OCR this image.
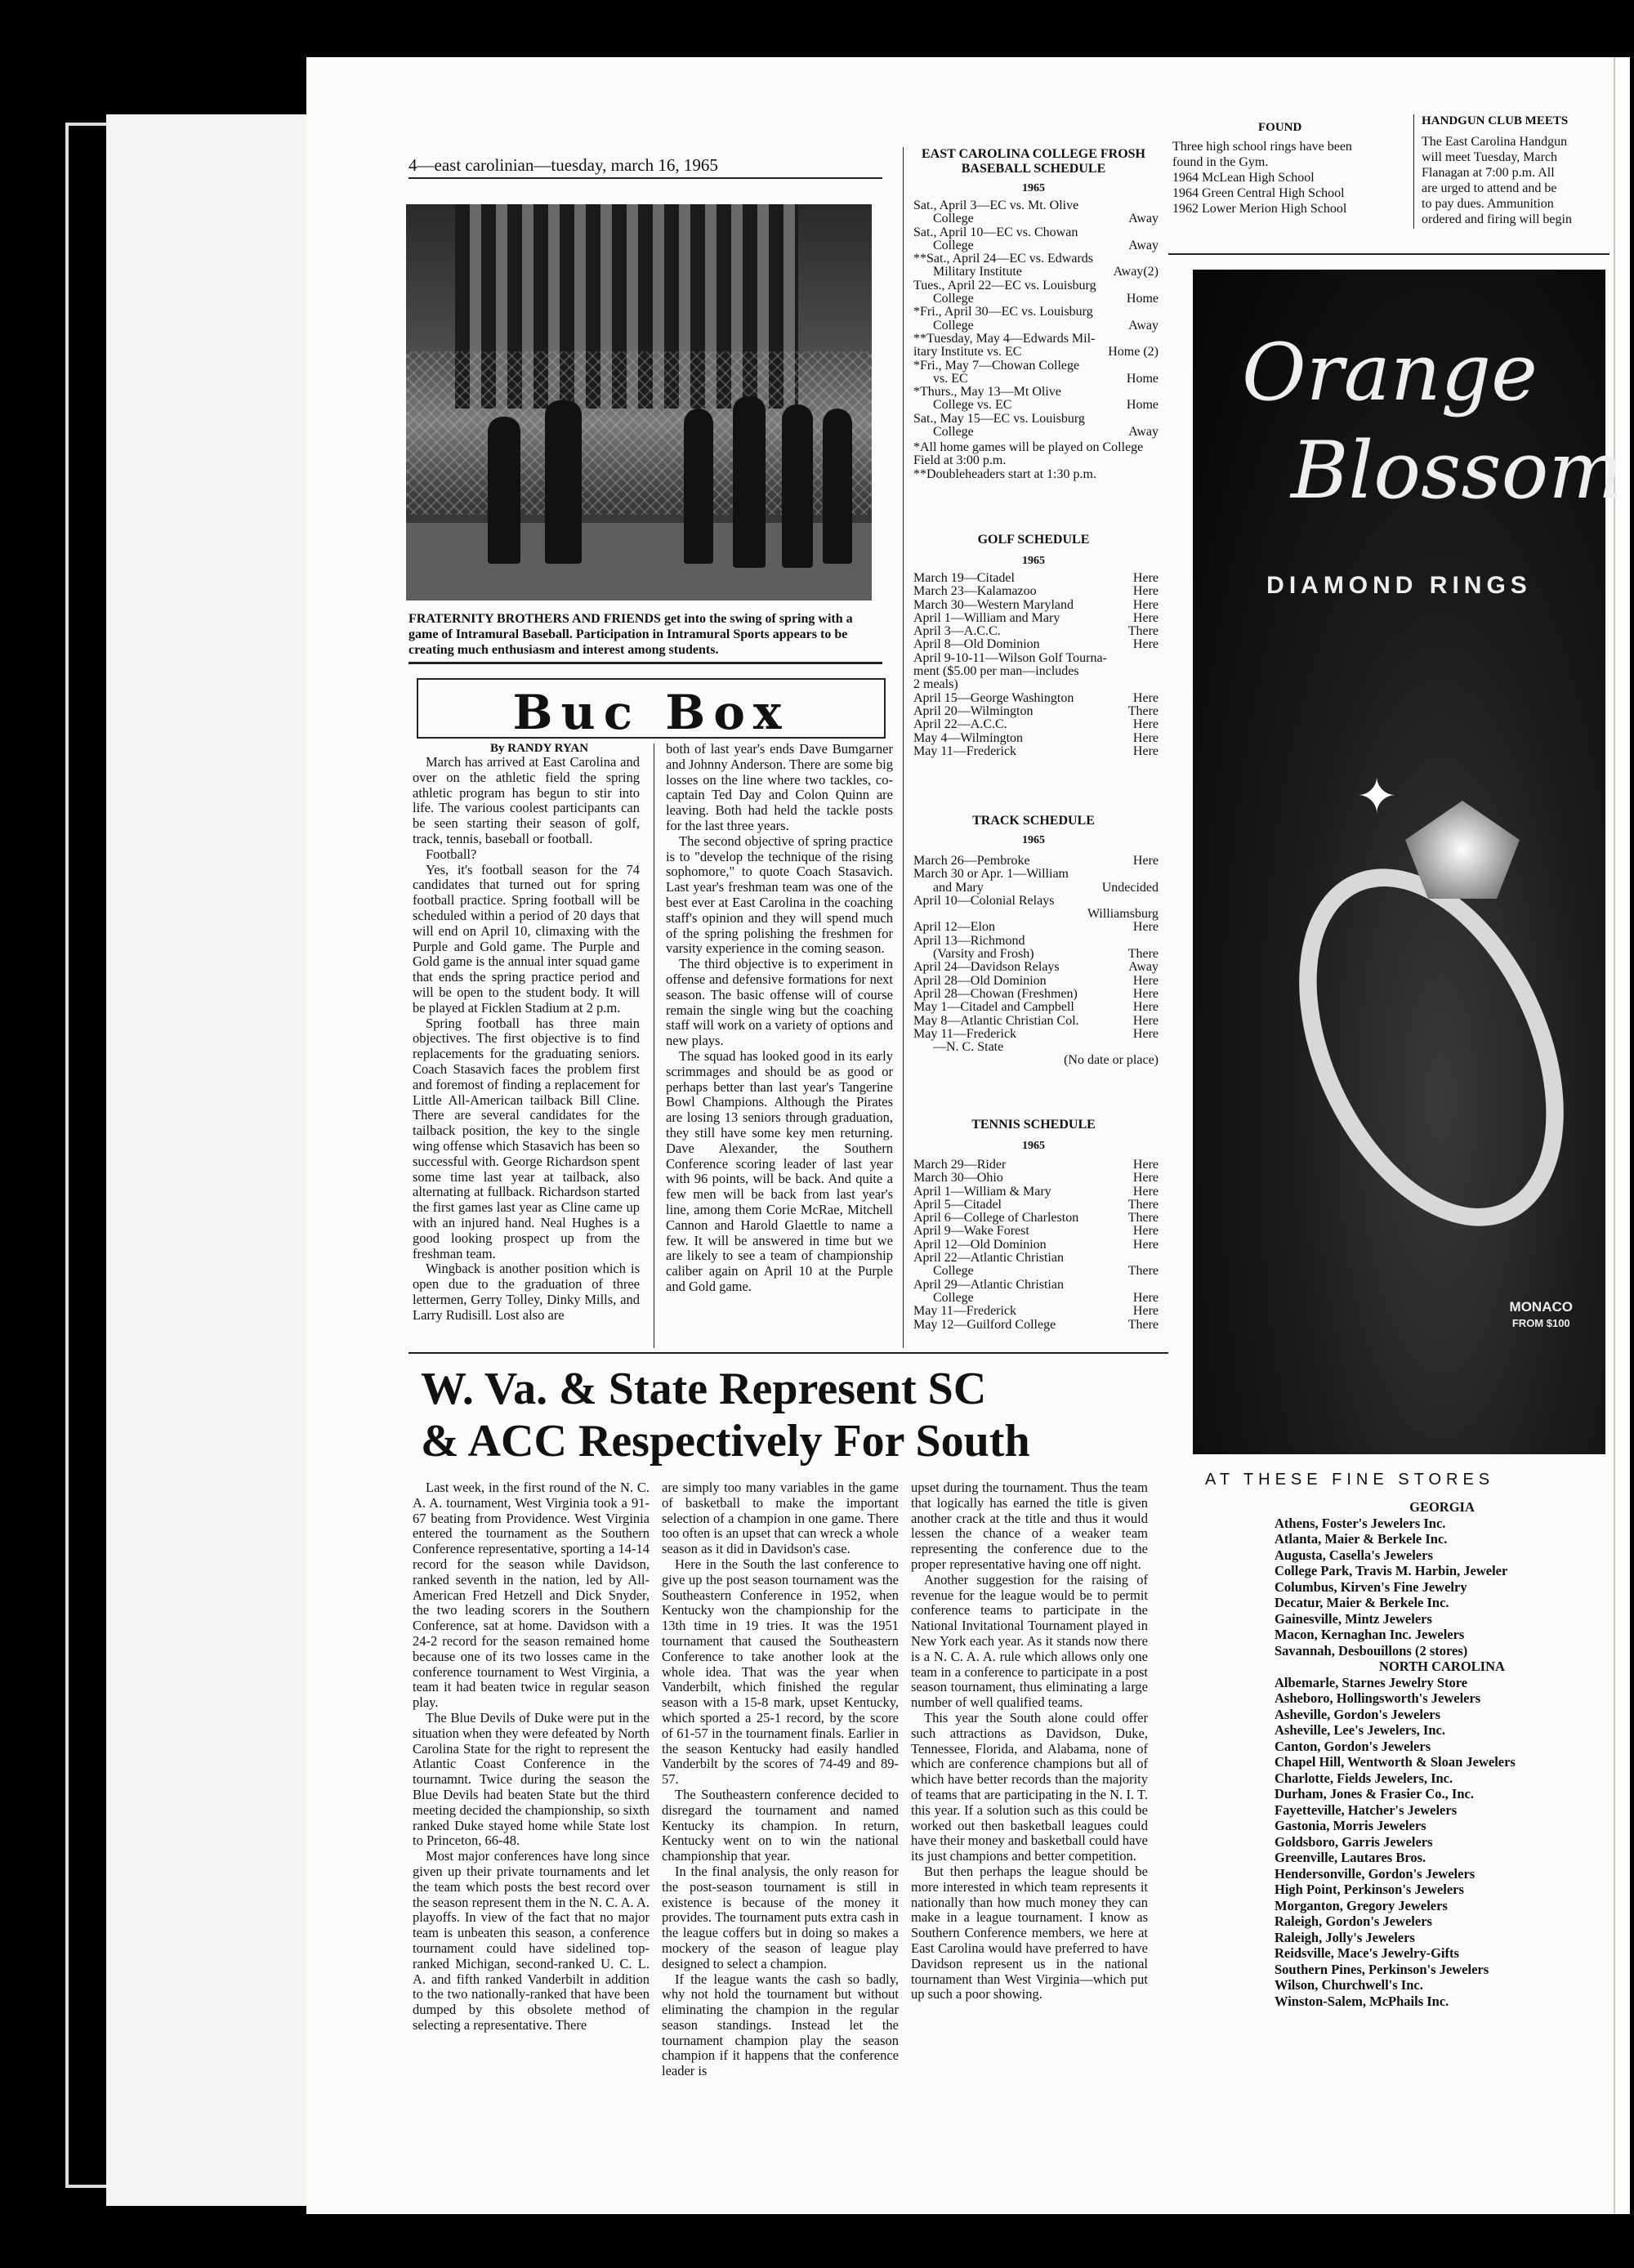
4—east carolinian—tuesday, march 16, 1965
FRATERNITY BROTHERS AND FRIENDS get into the swing of spring with a game of Intramural Baseball. Participation in Intramural Sports appears to be creating much enthusiasm and interest among students.
Buc Box
By RANDY RYAN

March has arrived at East Carolina and over on the athletic field the spring athletic program has begun to stir into life. The various coolest participants can be seen starting their season of golf, track, tennis, baseball or football.

Football?

Yes, it's football season for the 74 candidates that turned out for spring football practice. Spring football will be scheduled within a period of 20 days that will end on April 10, climaxing with the Purple and Gold game. The Purple and Gold game is the annual inter squad game that ends the spring practice period and will be open to the student body. It will be played at Ficklen Stadium at 2 p.m.

Spring football has three main objectives. The first objective is to find replacements for the graduating seniors. Coach Stasavich faces the problem first and foremost of finding a replacement for Little All-American tailback Bill Cline. There are several candidates for the tailback position, the key to the single wing offense which Stasavich has been so successful with. George Richardson spent some time last year at tailback, also alternating at fullback. Richardson started the first games last year as Cline came up with an injured hand. Neal Hughes is a good looking prospect up from the freshman team.

Wingback is another position which is open due to the graduation of three lettermen, Gerry Tolley, Dinky Mills, and Larry Rudisill. Lost also are

both of last year's ends Dave Bumgarner and Johnny Anderson. There are some big losses on the line where two tackles, co-captain Ted Day and Colon Quinn are leaving. Both had held the tackle posts for the last three years.

The second objective of spring practice is to "develop the technique of the rising sophomore," to quote Coach Stasavich. Last year's freshman team was one of the best ever at East Carolina in the coaching staff's opinion and they will spend much of the spring polishing the freshmen for varsity experience in the coming season.

The third objective is to experiment in offense and defensive formations for next season. The basic offense will of course remain the single wing but the coaching staff will work on a variety of options and new plays.

The squad has looked good in its early scrimmages and should be as good or perhaps better than last year's Tangerine Bowl Champions. Although the Pirates are losing 13 seniors through graduation, they still have some key men returning. Dave Alexander, the Southern Conference scoring leader of last year with 96 points, will be back. And quite a few men will be back from last year's line, among them Corie McRae, Mitchell Cannon and Harold Glaettle to name a few. It will be answered in time but we are likely to see a team of championship caliber again on April 10 at the Purple and Gold game.

EAST CAROLINA COLLEGE FROSH BASEBALL SCHEDULE
1965
Sat., April 3—EC vs. Mt. Olive
College	Away
Sat., April 10—EC vs. Chowan
College	Away
**Sat., April 24—EC vs. Edwards
Military Institute	Away(2)
Tues., April 22—EC vs. Louisburg
College	Home
*Fri., April 30—EC vs. Louisburg
College	Away
**Tuesday, May 4—Edwards Mil-
itary Institute vs. EC	Home (2)
*Fri., May 7—Chowan College
vs. EC	Home
*Thurs., May 13—Mt Olive
College vs. EC	Home
Sat., May 15—EC vs. Louisburg
College	Away
*All home games will be played on College Field at 3:00 p.m.
**Doubleheaders start at 1:30 p.m.
GOLF SCHEDULE
1965
March 19—Citadel	Here
March 23—Kalamazoo	Here
March 30—Western Maryland	Here
April 1—William and Mary	Here
April 3—A.C.C.	There
April 8—Old Dominion	Here
April 9-10-11—Wilson Golf Tourna-
ment ($5.00 per man—includes
2 meals)
April 15—George Washington	Here
April 20—Wilmington	There
April 22—A.C.C.	Here
May 4—Wilmington	Here
May 11—Frederick	Here
TRACK SCHEDULE
1965
March 26—Pembroke	Here
March 30 or Apr. 1—William
and Mary	Undecided
April 10—Colonial Relays
Williamsburg
April 12—Elon	Here
April 13—Richmond
(Varsity and Frosh)	There
April 24—Davidson Relays	Away
April 28—Old Dominion	Here
April 28—Chowan (Freshmen)	Here
May 1—Citadel and Campbell	Here
May 8—Atlantic Christian Col.	Here
May 11—Frederick	Here
—N. C. State
(No date or place)
TENNIS SCHEDULE
1965
March 29—Rider	Here
March 30—Ohio	Here
April 1—William & Mary	Here
April 5—Citadel	There
April 6—College of Charleston	There
April 9—Wake Forest	Here
April 12—Old Dominion	Here
April 22—Atlantic Christian
College	There
April 29—Atlantic Christian
College	Here
May 11—Frederick	Here
May 12—Guilford College	There
W. Va. & State Represent SC
& ACC Respectively For South

Last week, in the first round of the N. C. A. A. tournament, West Virginia took a 91-67 beating from Providence. West Virginia entered the tournament as the Southern Conference representative, sporting a 14-14 record for the season while Davidson, ranked seventh in the nation, led by All-American Fred Hetzell and Dick Snyder, the two leading scorers in the Southern Conference, sat at home. Davidson with a 24-2 record for the season remained home because one of its two losses came in the conference tournament to West Virginia, a team it had beaten twice in regular season play.

The Blue Devils of Duke were put in the situation when they were defeated by North Carolina State for the right to represent the Atlantic Coast Conference in the tournamnt. Twice during the season the Blue Devils had beaten State but the third meeting decided the championship, so sixth ranked Duke stayed home while State lost to Princeton, 66-48.

Most major conferences have long since given up their private tournaments and let the team which posts the best record over the season represent them in the N. C. A. A. playoffs. In view of the fact that no major team is unbeaten this season, a conference tournament could have sidelined top-ranked Michigan, second-ranked U. C. L. A. and fifth ranked Vanderbilt in addition to the two nationally-ranked that have been dumped by this obsolete method of selecting a representative. There

are simply too many variables in the game of basketball to make the important selection of a champion in one game. There too often is an upset that can wreck a whole season as it did in Davidson's case.

Here in the South the last conference to give up the post season tournament was the Southeastern Conference in 1952, when Kentucky won the championship for the 13th time in 19 tries. It was the 1951 tournament that caused the Southeastern Conference to take another look at the whole idea. That was the year when Vanderbilt, which finished the regular season with a 15-8 mark, upset Kentucky, which sported a 25-1 record, by the score of 61-57 in the tournament finals. Earlier in the season Kentucky had easily handled Vanderbilt by the scores of 74-49 and 89-57.

The Southeastern conference decided to disregard the tournament and named Kentucky its champion. In return, Kentucky went on to win the national championship that year.

In the final analysis, the only reason for the post-season tournament is still in existence is because of the money it provides. The tournament puts extra cash in the league coffers but in doing so makes a mockery of the season of league play designed to select a champion.

If the league wants the cash so badly, why not hold the tournament but without eliminating the champion in the regular season standings. Instead let the tournament champion play the season champion if it happens that the conference leader is

upset during the tournament. Thus the team that logically has earned the title is given another crack at the title and thus it would lessen the chance of a weaker team representing the conference due to the proper representative having one off night.

Another suggestion for the raising of revenue for the league would be to permit conference teams to participate in the National Invitational Tournament played in New York each year. As it stands now there is a N. C. A. A. rule which allows only one team in a conference to participate in a post season tournament, thus eliminating a large number of well qualified teams.

This year the South alone could offer such attractions as Davidson, Duke, Tennessee, Florida, and Alabama, none of which are conference champions but all of which have better records than the majority of teams that are participating in the N. I. T. this year. If a solution such as this could be worked out then basketball leagues could have their money and basketball could have its just champions and better competition.

But then perhaps the league should be more interested in which team represents it nationally than how much money they can make in a league tournament. I know as Southern Conference members, we here at East Carolina would have preferred to have Davidson represent us in the national tournament than West Virginia—which put up such a poor showing.

FOUND
Three high school rings have been
found in the Gym.
1964 McLean High School
1964 Green Central High School
1962 Lower Merion High School
HANDGUN CLUB MEETS
The East Carolina Handgun
will meet Tuesday, March
Flanagan at 7:00 p.m. All
are urged to attend and be
to pay dues. Ammunition
ordered and firing will begin
Orange
Blossom
DIAMOND RINGS
✦
MONACO
FROM $100
AT THESE FINE STORES
GEORGIA
Athens, Foster's Jewelers Inc.
Atlanta, Maier & Berkele Inc.
Augusta, Casella's Jewelers
College Park, Travis M. Harbin, Jeweler
Columbus, Kirven's Fine Jewelry
Decatur, Maier & Berkele Inc.
Gainesville, Mintz Jewelers
Macon, Kernaghan Inc. Jewelers
Savannah, Desbouillons (2 stores)
NORTH CAROLINA
Albemarle, Starnes Jewelry Store
Asheboro, Hollingsworth's Jewelers
Asheville, Gordon's Jewelers
Asheville, Lee's Jewelers, Inc.
Canton, Gordon's Jewelers
Chapel Hill, Wentworth & Sloan Jewelers
Charlotte, Fields Jewelers, Inc.
Durham, Jones & Frasier Co., Inc.
Fayetteville, Hatcher's Jewelers
Gastonia, Morris Jewelers
Goldsboro, Garris Jewelers
Greenville, Lautares Bros.
Hendersonville, Gordon's Jewelers
High Point, Perkinson's Jewelers
Morganton, Gregory Jewelers
Raleigh, Gordon's Jewelers
Raleigh, Jolly's Jewelers
Reidsville, Mace's Jewelry-Gifts
Southern Pines, Perkinson's Jewelers
Wilson, Churchwell's Inc.
Winston-Salem, McPhails Inc.
